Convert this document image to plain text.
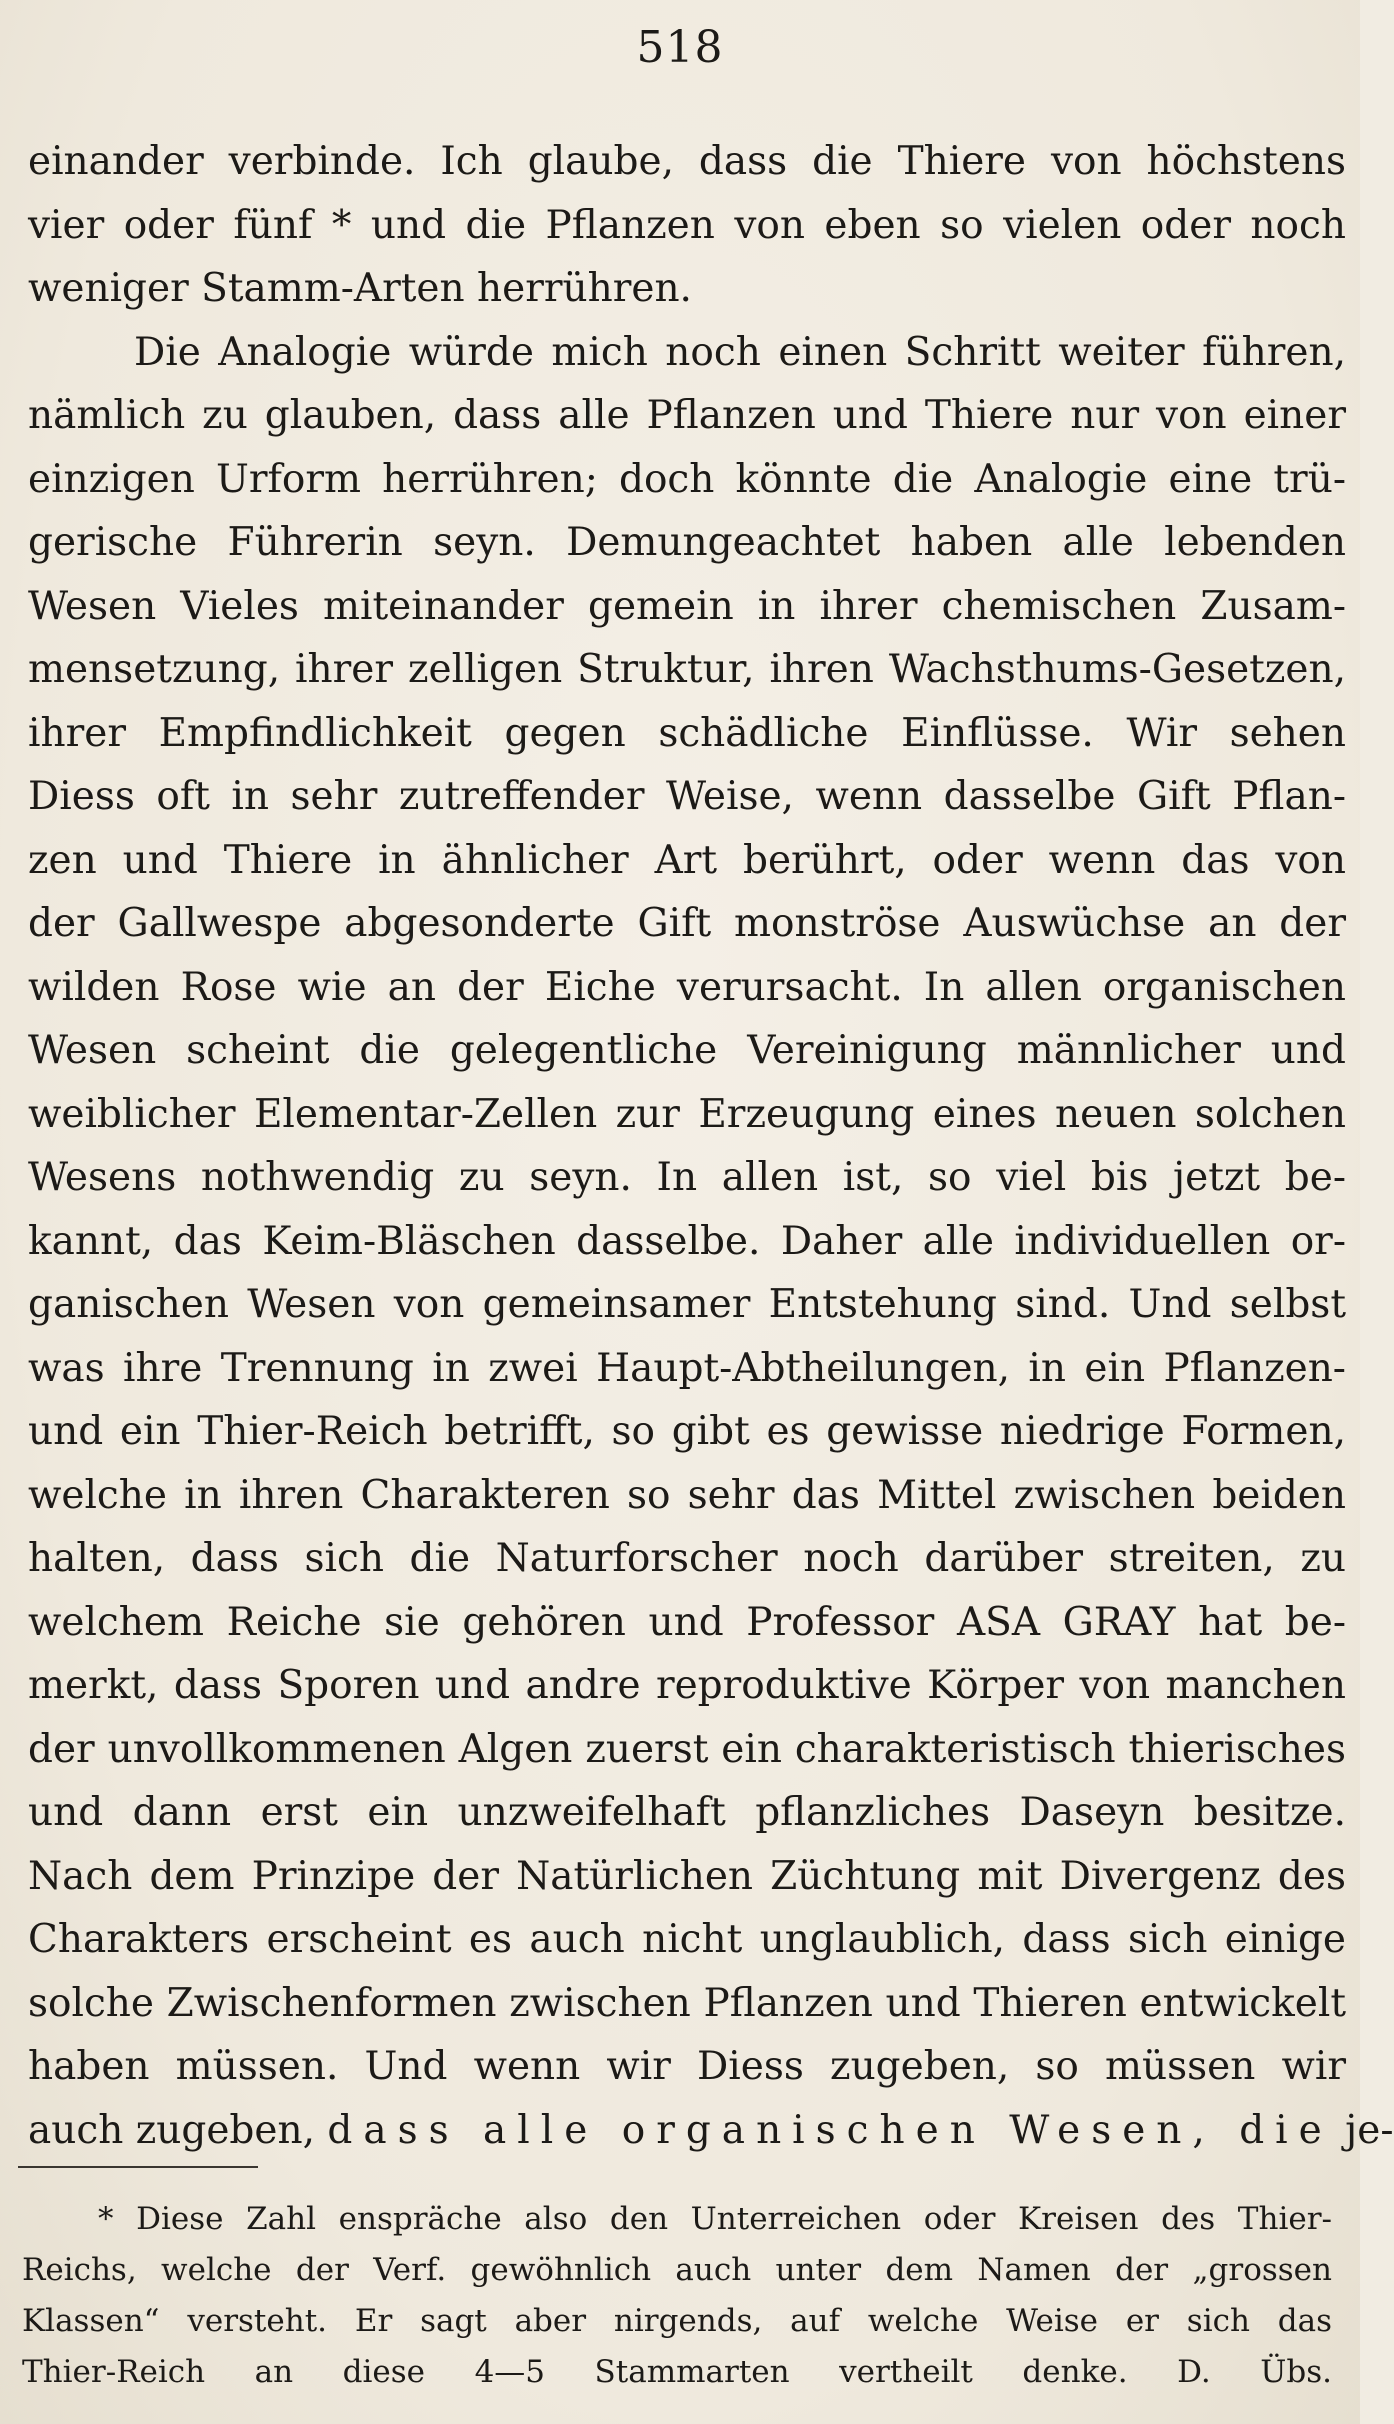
518
einander verbinde. Ich glaube, dass die Thiere von höchstens
vier oder fünf * und die Pflanzen von eben so vielen oder noch
weniger Stamm-Arten herrühren.
Die Analogie würde mich noch einen Schritt weiter führen,
nämlich zu glauben, dass alle Pflanzen und Thiere nur von einer
einzigen Urform herrühren; doch könnte die Analogie eine trü-
gerische Führerin seyn. Demungeachtet haben alle lebenden
Wesen Vieles miteinander gemein in ihrer chemischen Zusam-
mensetzung, ihrer zelligen Struktur, ihren Wachsthums-Gesetzen,
ihrer Empfindlichkeit gegen schädliche Einflüsse. Wir sehen
Diess oft in sehr zutreffender Weise, wenn dasselbe Gift Pflan-
zen und Thiere in ähnlicher Art berührt, oder wenn das von
der Gallwespe abgesonderte Gift monströse Auswüchse an der
wilden Rose wie an der Eiche verursacht. In allen organischen
Wesen scheint die gelegentliche Vereinigung männlicher und
weiblicher Elementar-Zellen zur Erzeugung eines neuen solchen
Wesens nothwendig zu seyn. In allen ist, so viel bis jetzt be-
kannt, das Keim-Bläschen dasselbe. Daher alle individuellen or-
ganischen Wesen von gemeinsamer Entstehung sind. Und selbst
was ihre Trennung in zwei Haupt-Abtheilungen, in ein Pflanzen-
und ein Thier-Reich betrifft, so gibt es gewisse niedrige Formen,
welche in ihren Charakteren so sehr das Mittel zwischen beiden
halten, dass sich die Naturforscher noch darüber streiten, zu
welchem Reiche sie gehören und Professor ASA GRAY hat be-
merkt, dass Sporen und andre reproduktive Körper von manchen
der unvollkommenen Algen zuerst ein charakteristisch thierisches
und dann erst ein unzweifelhaft pflanzliches Daseyn besitze.
Nach dem Prinzipe der Natürlichen Züchtung mit Divergenz des
Charakters erscheint es auch nicht unglaublich, dass sich einige
solche Zwischenformen zwischen Pflanzen und Thieren entwickelt
haben müssen. Und wenn wir Diess zugeben, so müssen wir
auch zugeben, dass alle organischen Wesen, die je-
* Diese Zahl enspräche also den Unterreichen oder Kreisen des Thier-
Reichs, welche der Verf. gewöhnlich auch unter dem Namen der „grossen
Klassen“ versteht. Er sagt aber nirgends, auf welche Weise er sich das
Thier-Reich an diese 4—5 Stammarten vertheilt denke. D. Übs.
